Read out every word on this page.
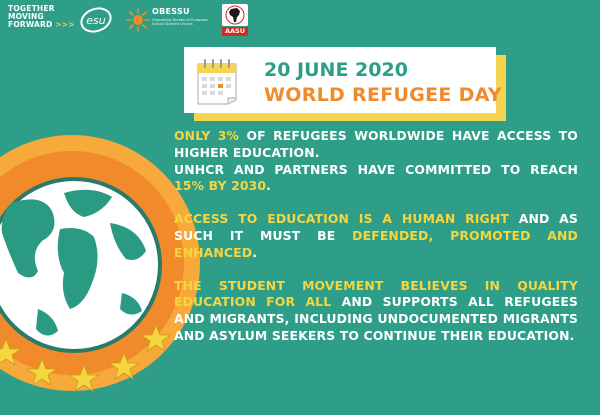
TOGETHER
MOVING
FORWARD >>> esu
OBESSU
Organising Bureau of European School Student Unions
AASU
20 JUNE 2020
WORLD REFUGEE DAY

ONLY 3% OF REFUGEES WORLDWIDE HAVE ACCESS TO HIGHER EDUCATION.
UNHCR AND PARTNERS HAVE COMMITTED TO REACH 15% BY 2030.

ACCESS TO EDUCATION IS A HUMAN RIGHT AND AS SUCH IT MUST BE DEFENDED, PROMOTED AND ENHANCED.

THE STUDENT MOVEMENT BELIEVES IN QUALITY EDUCATION FOR ALL AND SUPPORTS ALL REFUGEES AND MIGRANTS, INCLUDING UNDOCUMENTED MIGRANTS AND ASYLUM SEEKERS TO CONTINUE THEIR EDUCATION.
